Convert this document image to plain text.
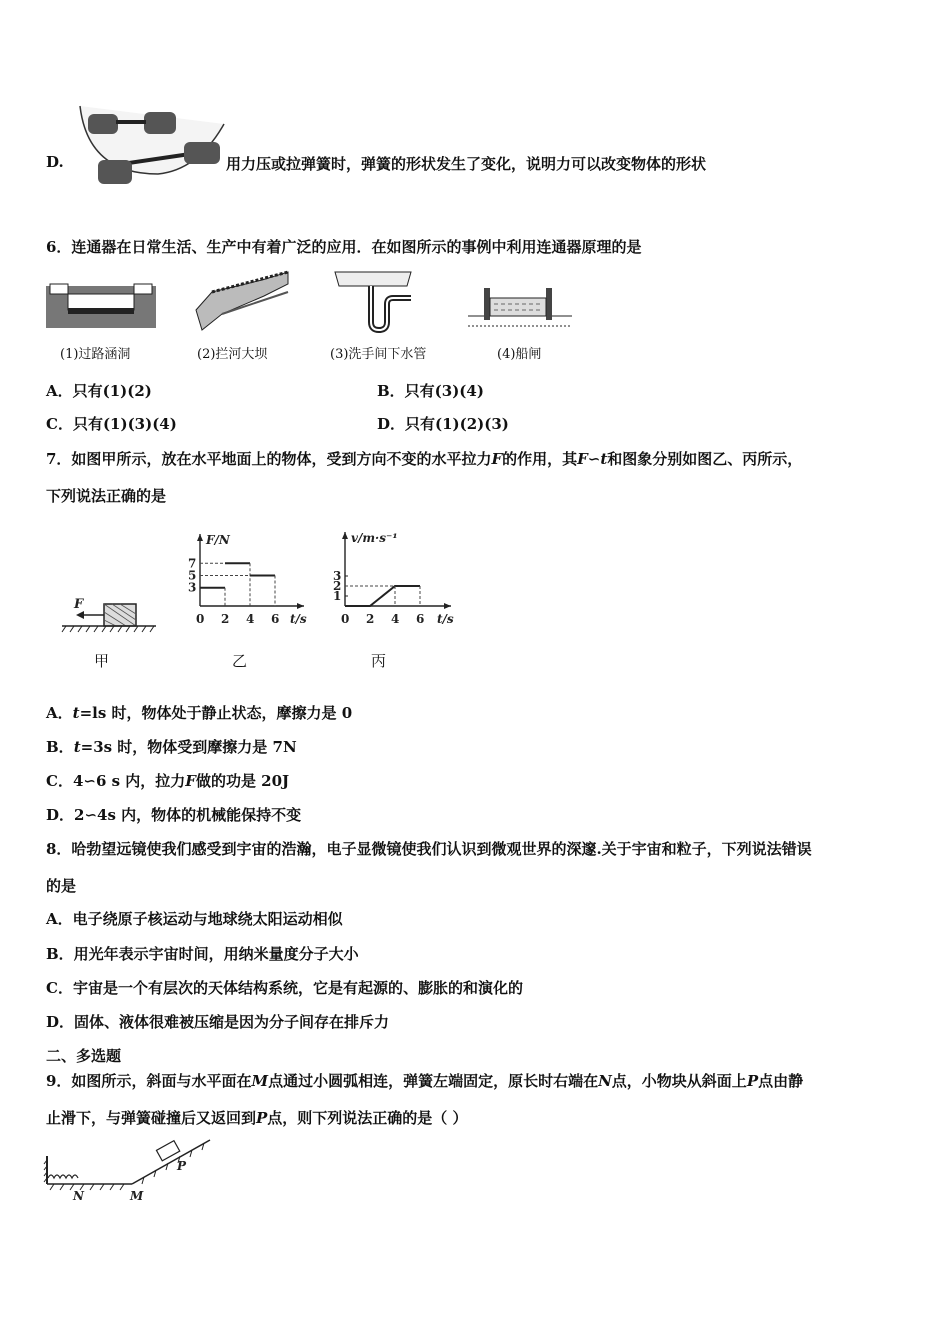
D.	用力压或拉弹簧时，弹簧的形状发生了变化，说明力可以改变物体的形状
6．连通器在日常生活、生产中有着广泛的应用．在如图所示的事例中利用连通器原理的是
(1)过路涵洞	(2)拦河大坝	(3)洗手间下水管	(4)船闸
A．只有(1)(2)	B．只有(3)(4)
C．只有(1)(3)(4)	D．只有(1)(2)(3)
7．如图甲所示，放在水平地面上的物体，受到方向不变的水平拉力F的作用，其F∽t和图象分别如图乙、丙所示，
下列说法正确的是
F
F/N
t/s
0 2 4 6
3
5
7
v/m·s⁻¹
t/s
0 2 4 6
1
2
3
甲	乙	丙
A．t=ls 时，物体处于静止状态，摩擦力是 0
B．t=3s 时，物体受到摩擦力是 7N
C．4∽6 s 内，拉力F做的功是 20J
D．2∽4s 内，物体的机械能保持不变
8．哈勃望远镜使我们感受到宇宙的浩瀚，电子显微镜使我们认识到微观世界的深邃.关于宇宙和粒子，下列说法错误
的是
A．电子绕原子核运动与地球绕太阳运动相似
B．用光年表示宇宙时间，用纳米量度分子大小
C．宇宙是一个有层次的天体结构系统，它是有起源的、膨胀的和演化的
D．固体、液体很难被压缩是因为分子间存在排斥力
二、多选题
9．如图所示，斜面与水平面在M点通过小圆弧相连，弹簧左端固定，原长时右端在N点，小物块从斜面上P点由静
止滑下，与弹簧碰撞后又返回到P点，则下列说法正确的是（ ）
N	M
P
